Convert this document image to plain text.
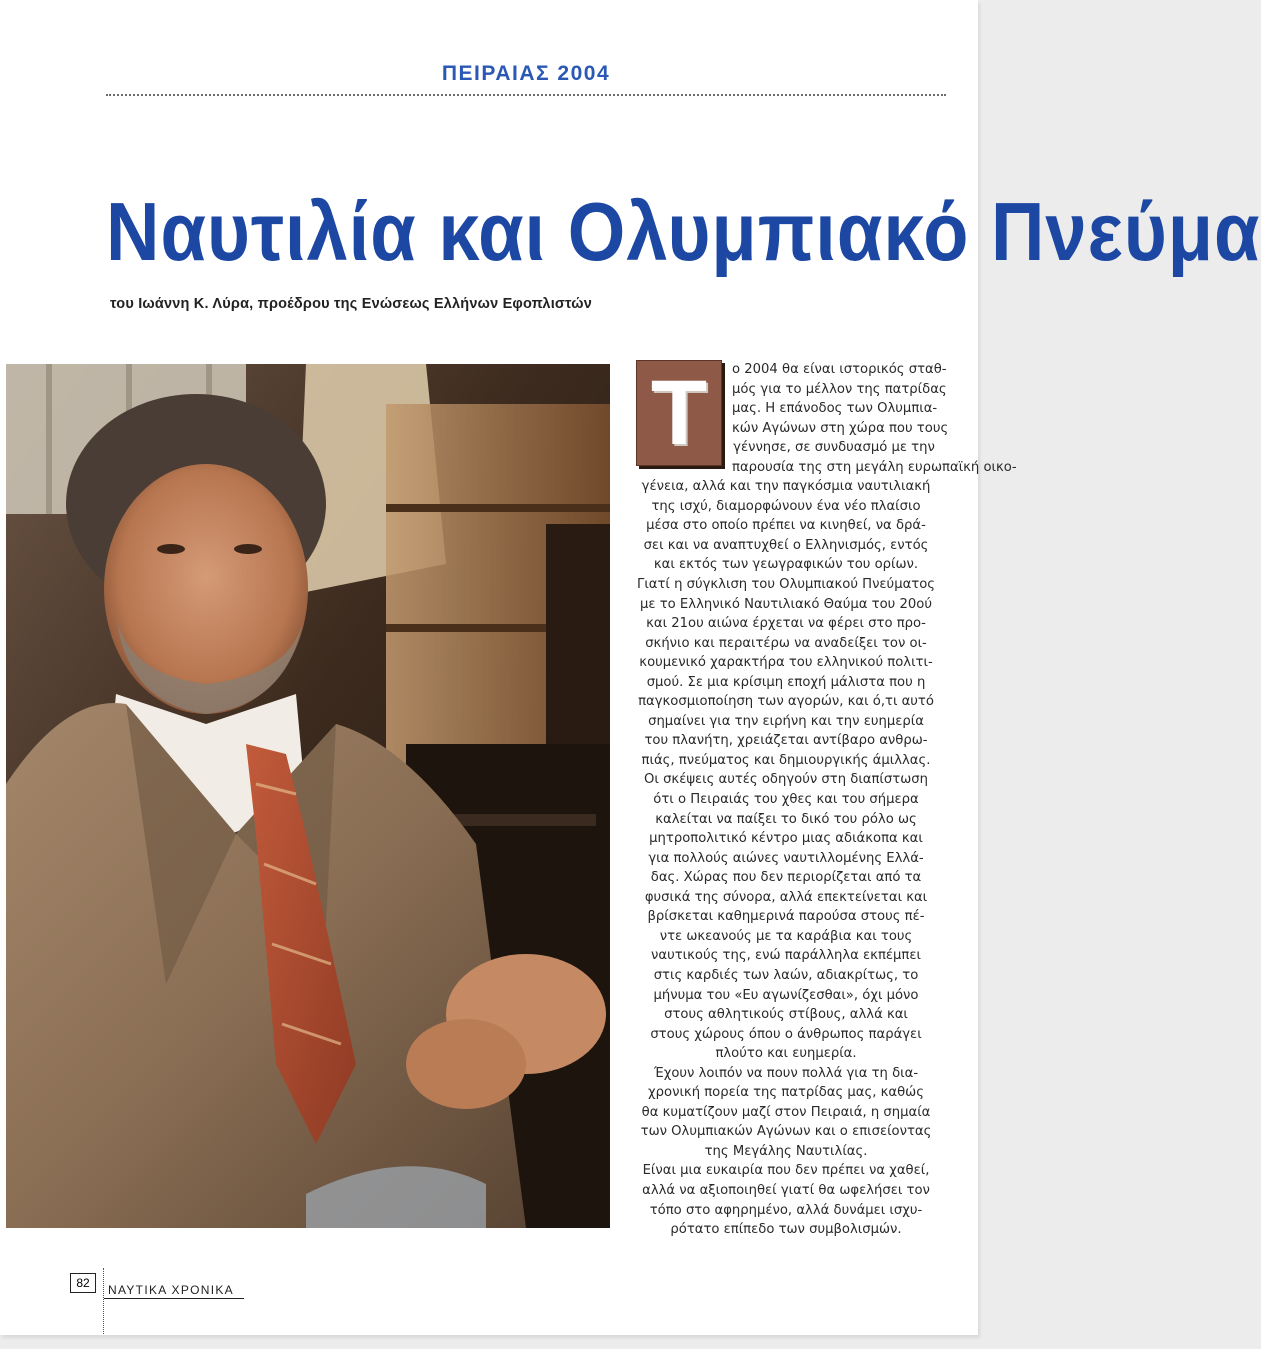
ΠΕΙΡΑΙΑΣ 2004
Ναυτιλία και Ολυμπιακό Πνεύμα
του Ιωάννη Κ. Λύρα, προέδρου της Ενώσεως Ελλήνων Εφοπλιστών
Τ	ο 2004 θα είναι ιστορικός σταθ-
μός για το μέλλον της πατρίδας
μας. Η επάνοδος των Ολυμπια-
κών Αγώνων στη χώρα που τους
γέννησε, σε συνδυασμό με την
παρουσία της στη μεγάλη ευρωπαϊκή οικο-
γένεια, αλλά και την παγκόσμια ναυτιλιακή
της ισχύ, διαμορφώνουν ένα νέο πλαίσιο
μέσα στο οποίο πρέπει να κινηθεί, να δρά-
σει και να αναπτυχθεί ο Ελληνισμός, εντός
και εκτός των γεωγραφικών του ορίων.
Γιατί η σύγκλιση του Ολυμπιακού Πνεύματος
με το Ελληνικό Ναυτιλιακό Θαύμα του 20ού
και 21ου αιώνα έρχεται να φέρει στο προ-
σκήνιο και περαιτέρω να αναδείξει τον οι-
κουμενικό χαρακτήρα του ελληνικού πολιτι-
σμού. Σε μια κρίσιμη εποχή μάλιστα που η
παγκοσμιοποίηση των αγορών, και ό,τι αυτό
σημαίνει για την ειρήνη και την ευημερία
του πλανήτη, χρειάζεται αντίβαρο ανθρω-
πιάς, πνεύματος και δημιουργικής άμιλλας.
Οι σκέψεις αυτές οδηγούν στη διαπίστωση
ότι ο Πειραιάς του χθες και του σήμερα
καλείται να παίξει το δικό του ρόλο ως
μητροπολιτικό κέντρο μιας αδιάκοπα και
για πολλούς αιώνες ναυτιλλομένης Ελλά-
δας. Χώρας που δεν περιορίζεται από τα
φυσικά της σύνορα, αλλά επεκτείνεται και
βρίσκεται καθημερινά παρούσα στους πέ-
ντε ωκεανούς με τα καράβια και τους
ναυτικούς της, ενώ παράλληλα εκπέμπει
στις καρδιές των λαών, αδιακρίτως, το
μήνυμα του «Ευ αγωνίζεσθαι», όχι μόνο
στους αθλητικούς στίβους, αλλά και
στους χώρους όπου ο άνθρωπος παράγει
πλούτο και ευημερία.
Έχουν λοιπόν να πουν πολλά για τη δια-
χρονική πορεία της πατρίδας μας, καθώς
θα κυματίζουν μαζί στον Πειραιά, η σημαία
των Ολυμπιακών Αγώνων και ο επισείοντας
της Μεγάλης Ναυτιλίας.
Είναι μια ευκαιρία που δεν πρέπει να χαθεί,
αλλά να αξιοποιηθεί γιατί θα ωφελήσει τον
τόπο στο αφηρημένο, αλλά δυνάμει ισχυ-
ρότατο επίπεδο των συμβολισμών.
82	ΝΑΥΤΙΚΑ ΧΡΟΝΙΚΑ
